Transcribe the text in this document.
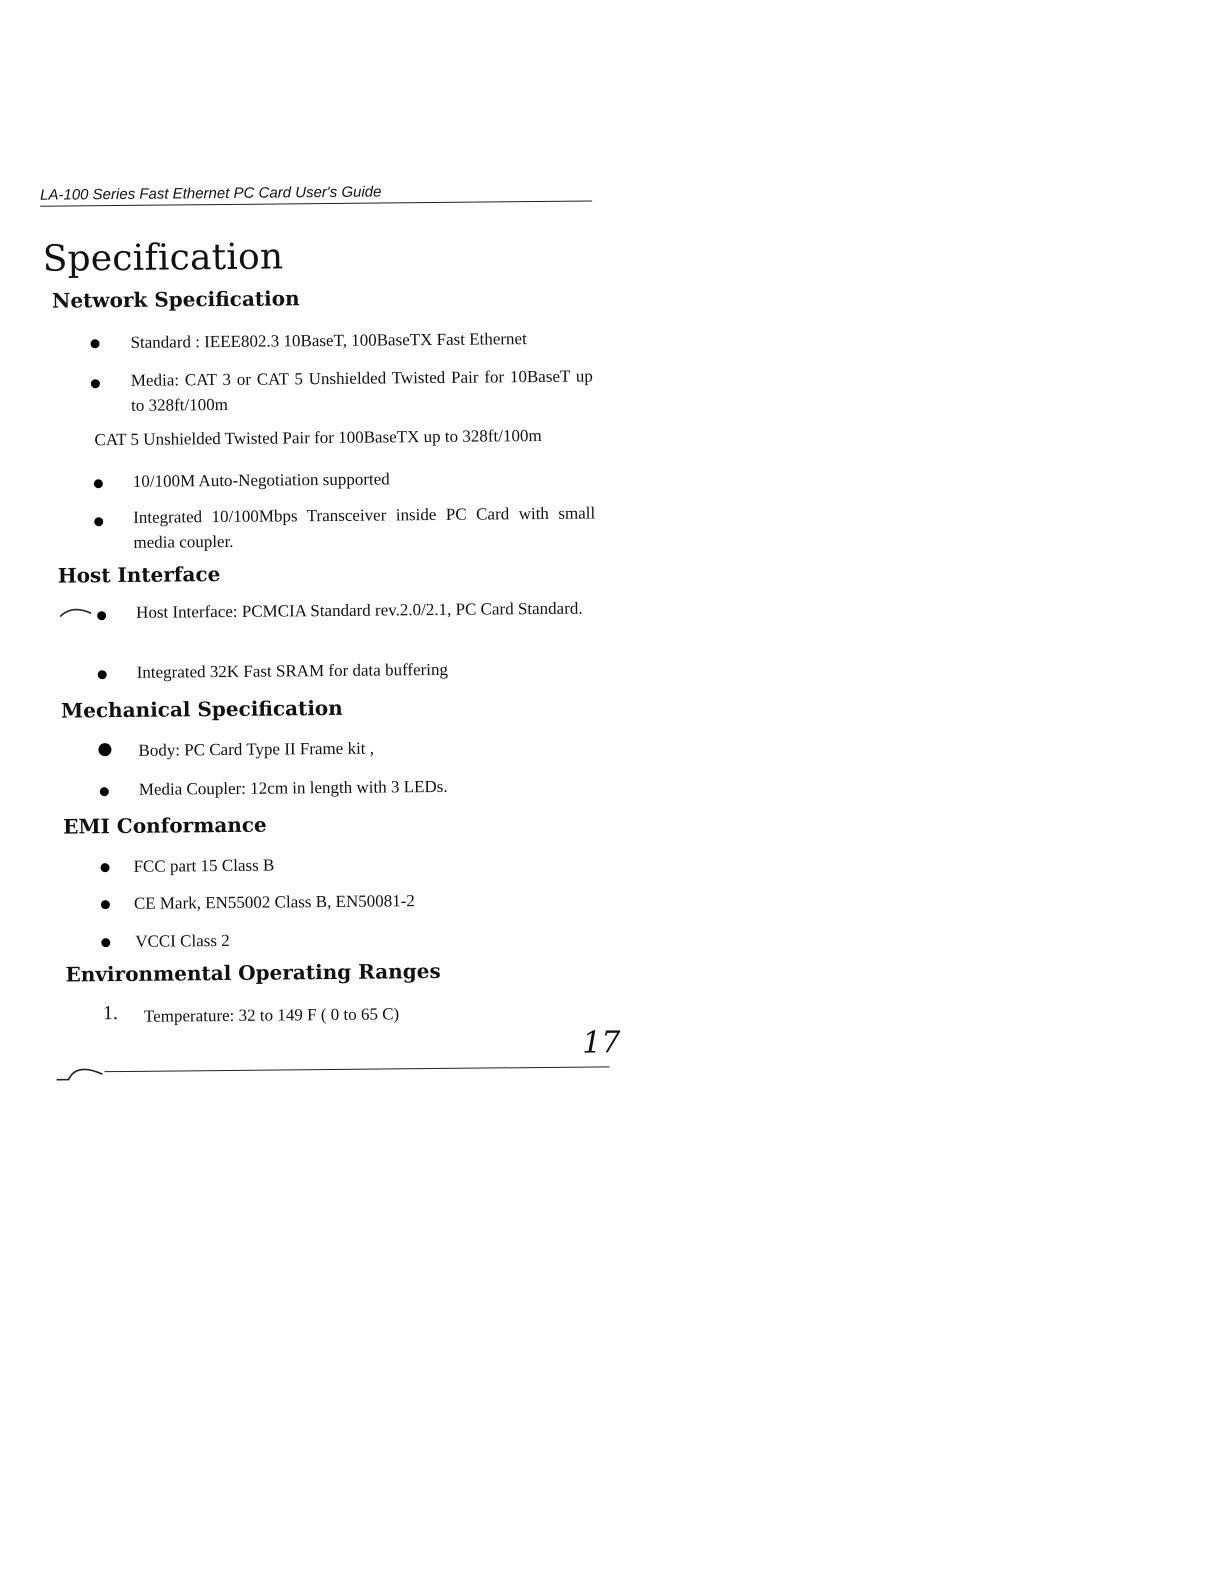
LA-100 Series Fast Ethernet PC Card User's Guide
Specification
Network Specification
Standard : IEEE802.3 10BaseT, 100BaseTX Fast Ethernet
Media: CAT 3 or CAT 5 Unshielded Twisted Pair for 10BaseT up to 328ft/100m
CAT 5 Unshielded Twisted Pair for 100BaseTX up to 328ft/100m
10/100M Auto-Negotiation supported
Integrated 10/100Mbps Transceiver inside PC Card with small media coupler.
Host Interface
Host Interface: PCMCIA Standard rev.2.0/2.1, PC Card Standard.
Integrated 32K Fast SRAM for data buffering
Mechanical Specification
Body: PC Card Type II Frame kit ,
Media Coupler: 12cm in length with 3 LEDs.
EMI Conformance
FCC part 15 Class B
CE Mark, EN55002 Class B, EN50081-2
VCCI Class 2
Environmental Operating Ranges
1. Temperature: 32 to 149 F ( 0 to 65 C)
17
